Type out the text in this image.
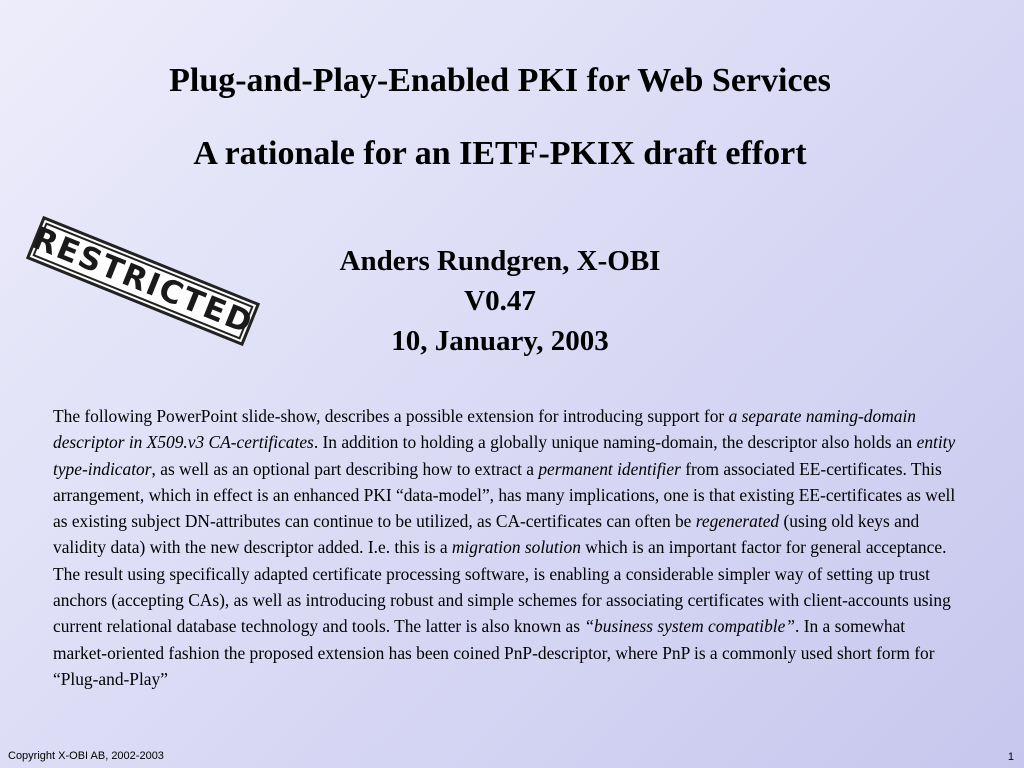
Plug-and-Play-Enabled PKI for Web Services
A rationale for an IETF-PKIX draft effort
RESTRICTED	Anders Rundgren, X-OBI
V0.47
10, January, 2003

The following PowerPoint slide-show, describes a possible extension for introducing support for a separate naming-domain descriptor in X509.v3 CA-certificates. In addition to holding a globally unique naming-domain, the descriptor also holds an entity type-indicator, as well as an optional part describing how to extract a permanent identifier from associated EE-certificates. This arrangement, which in effect is an enhanced PKI “data-model”, has many implications, one is that existing EE-certificates as well as existing subject DN-attributes can continue to be utilized, as CA-certificates can often be regenerated (using old keys and validity data) with the new descriptor added. I.e. this is a migration solution which is an important factor for general acceptance. The result using specifically adapted certificate processing software, is enabling a considerable simpler way of setting up trust anchors (accepting CAs), as well as introducing robust and simple schemes for associating certificates with client-accounts using current relational database technology and tools. The latter is also known as “business system compatible”. In a somewhat market-oriented fashion the proposed extension has been coined PnP-descriptor, where PnP is a commonly used short form for “Plug-and-Play”

Copyright X-OBI AB, 2002-2003	1
